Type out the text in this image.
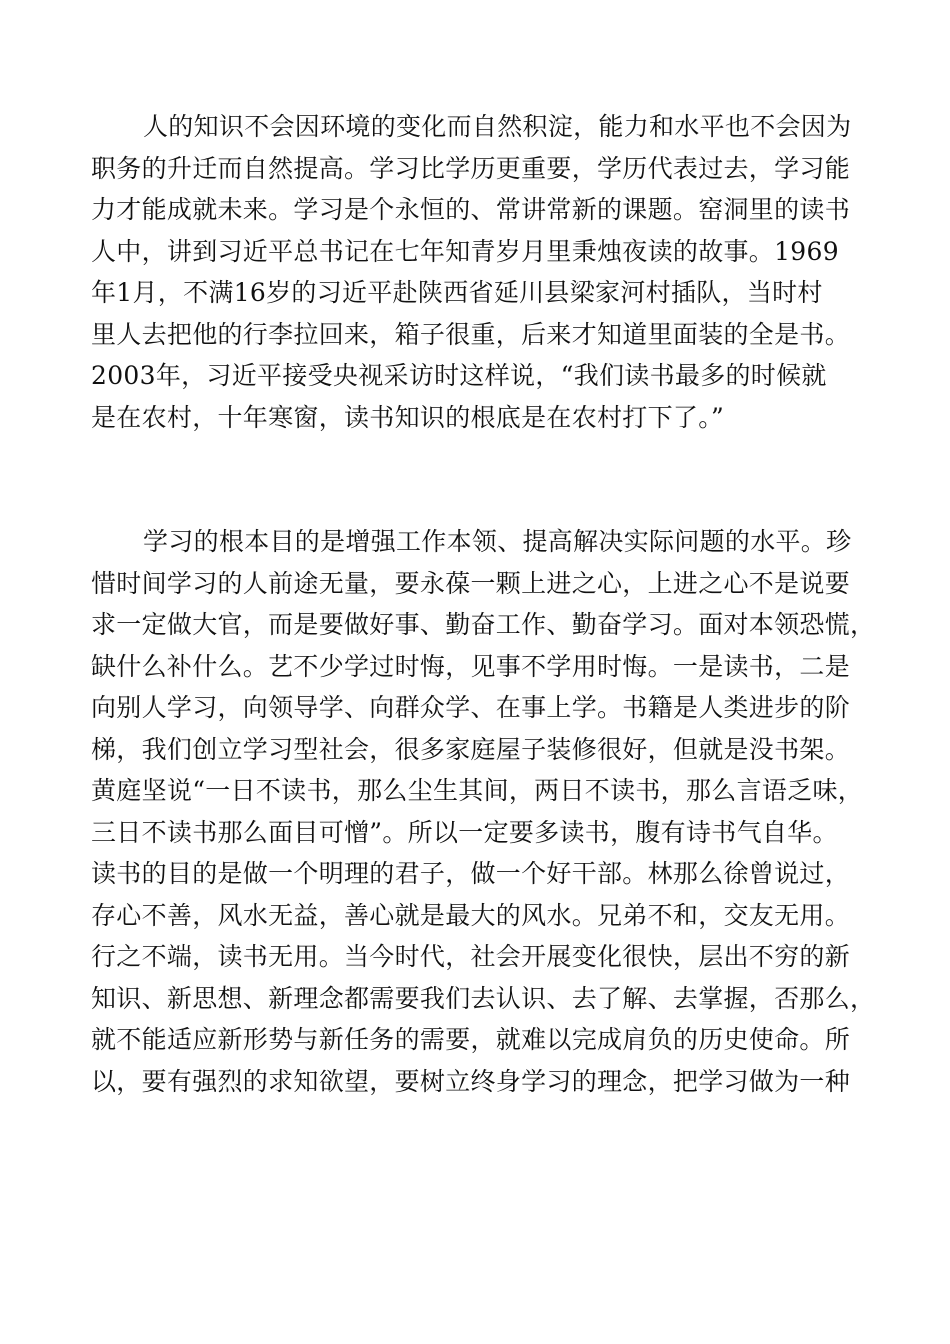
人的知识不会因环境的变化而自然积淀，能力和水平也不会因为
职务的升迁而自然提高。学习比学历更重要，学历代表过去，学习能
力才能成就未来。学习是个永恒的、常讲常新的课题。窑洞里的读书
人中，讲到习近平总书记在七年知青岁月里秉烛夜读的故事。1969
年1月，不满16岁的习近平赴陕西省延川县梁家河村插队，当时村
里人去把他的行李拉回来，箱子很重，后来才知道里面装的全是书。
2003年，习近平接受央视采访时这样说，“我们读书最多的时候就
是在农村，十年寒窗，读书知识的根底是在农村打下了。”
学习的根本目的是增强工作本领、提高解决实际问题的水平。珍
惜时间学习的人前途无量，要永葆一颗上进之心，上进之心不是说要
求一定做大官，而是要做好事、勤奋工作、勤奋学习。面对本领恐慌，
缺什么补什么。艺不少学过时悔，见事不学用时悔。一是读书，二是
向别人学习，向领导学、向群众学、在事上学。书籍是人类进步的阶
梯，我们创立学习型社会，很多家庭屋子装修很好，但就是没书架。
黄庭坚说“一日不读书，那么尘生其间，两日不读书，那么言语乏味，
三日不读书那么面目可憎”。所以一定要多读书，腹有诗书气自华。
读书的目的是做一个明理的君子，做一个好干部。林那么徐曾说过，
存心不善，风水无益，善心就是最大的风水。兄弟不和，交友无用。
行之不端，读书无用。当今时代，社会开展变化很快，层出不穷的新
知识、新思想、新理念都需要我们去认识、去了解、去掌握，否那么，
就不能适应新形势与新任务的需要，就难以完成肩负的历史使命。所
以，要有强烈的求知欲望，要树立终身学习的理念，把学习做为一种
